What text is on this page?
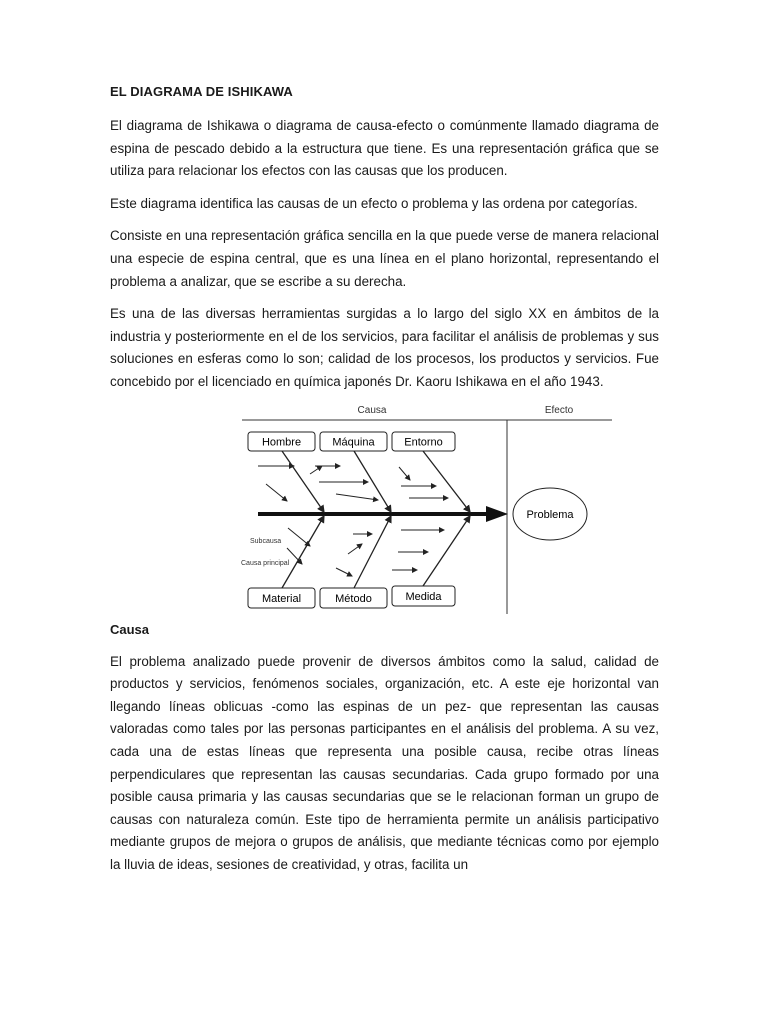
EL DIAGRAMA DE ISHIKAWA

El diagrama de Ishikawa o diagrama de causa-efecto o comúnmente llamado diagrama de espina de pescado debido a la estructura que tiene. Es una representación gráfica que se utiliza para relacionar los efectos con las causas que los producen.

Este diagrama identifica las causas de un efecto o problema y las ordena por categorías.

Consiste en una representación gráfica sencilla en la que puede verse de manera relacional una especie de espina central, que es una línea en el plano horizontal, representando el problema a analizar, que se escribe a su derecha.

Es una de las diversas herramientas surgidas a lo largo del siglo XX en ámbitos de la industria y posteriormente en el de los servicios, para facilitar el análisis de problemas y sus soluciones en esferas como lo son; calidad de los procesos, los productos y servicios. Fue concebido por el licenciado en química japonés Dr. Kaoru Ishikawa en el año 1943.

Causa	Efecto
Hombre	Máquina	Entorno
Material	Método	Medida
Problema
Subcausa
Causa principal
Causa

El problema analizado puede provenir de diversos ámbitos como la salud, calidad de productos y servicios, fenómenos sociales, organización, etc. A este eje horizontal van llegando líneas oblicuas -como las espinas de un pez- que representan las causas valoradas como tales por las personas participantes en el análisis del problema. A su vez, cada una de estas líneas que representa una posible causa, recibe otras líneas perpendiculares que representan las causas secundarias. Cada grupo formado por una posible causa primaria y las causas secundarias que se le relacionan forman un grupo de causas con naturaleza común. Este tipo de herramienta permite un análisis participativo mediante grupos de mejora o grupos de análisis, que mediante técnicas como por ejemplo la lluvia de ideas, sesiones de creatividad, y otras, facilita un
